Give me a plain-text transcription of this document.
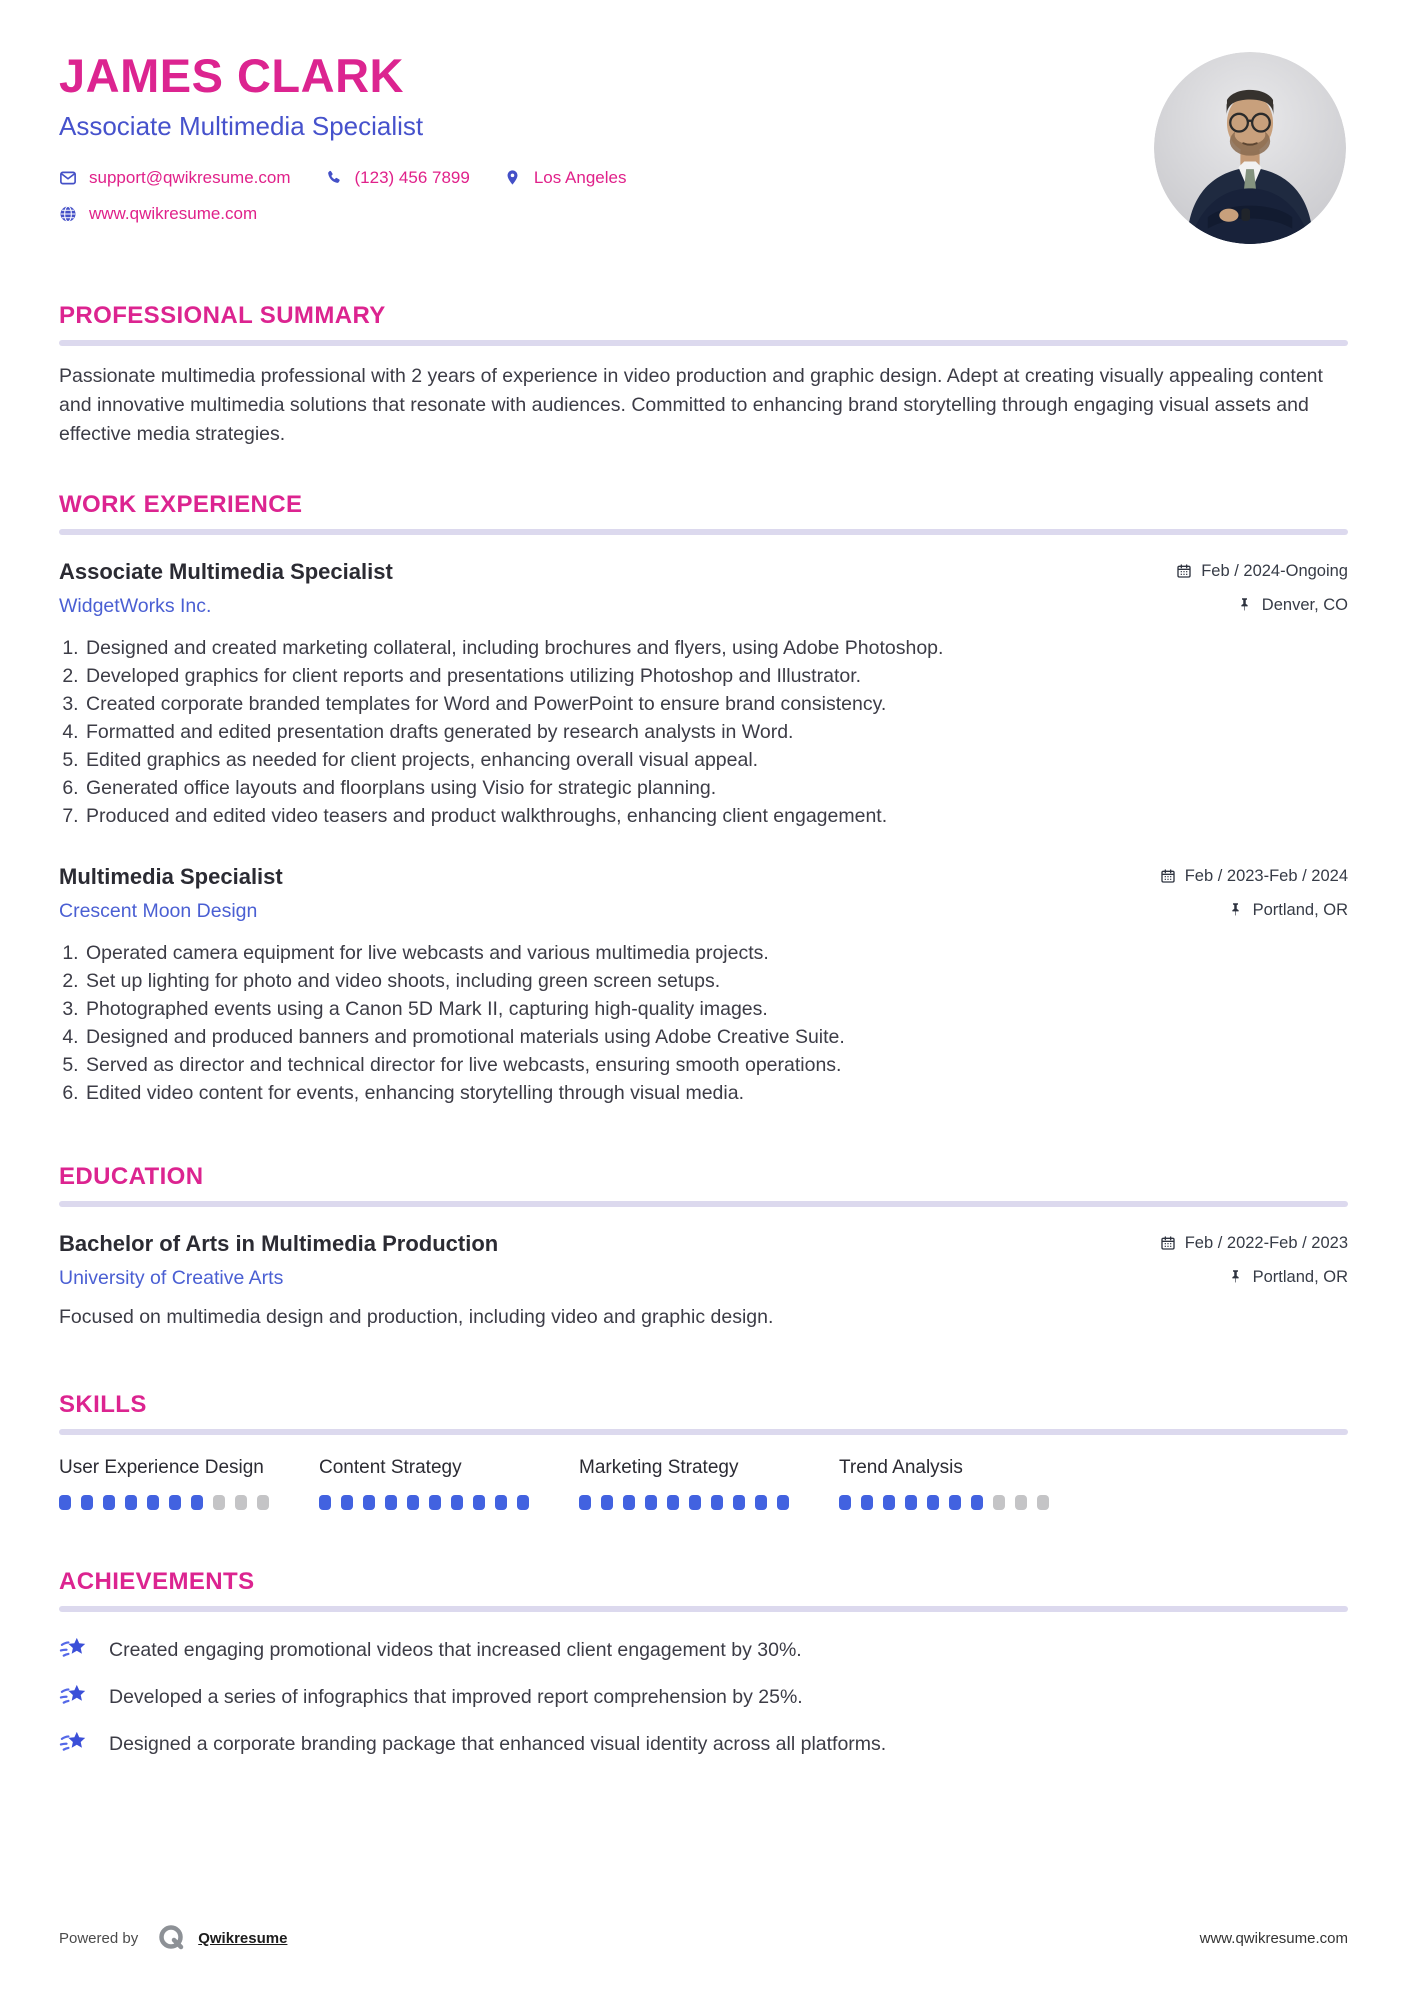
JAMES CLARK
Associate Multimedia Specialist
support@qwikresume.com	(123) 456 7899	Los Angeles
www.qwikresume.com
PROFESSIONAL SUMMARY

Passionate multimedia professional with 2 years of experience in video production and graphic design. Adept at creating visually appealing content and innovative multimedia solutions that resonate with audiences. Committed to enhancing brand storytelling through engaging visual assets and effective media strategies.

WORK EXPERIENCE
Associate Multimedia Specialist	Feb / 2024-Ongoing
WidgetWorks Inc.	Denver, CO
1. Designed and created marketing collateral, including brochures and flyers, using Adobe Photoshop.
2. Developed graphics for client reports and presentations utilizing Photoshop and Illustrator.
3. Created corporate branded templates for Word and PowerPoint to ensure brand consistency.
4. Formatted and edited presentation drafts generated by research analysts in Word.
5. Edited graphics as needed for client projects, enhancing overall visual appeal.
6. Generated office layouts and floorplans using Visio for strategic planning.
7. Produced and edited video teasers and product walkthroughs, enhancing client engagement.
Multimedia Specialist	Feb / 2023-Feb / 2024
Crescent Moon Design	Portland, OR
1. Operated camera equipment for live webcasts and various multimedia projects.
2. Set up lighting for photo and video shoots, including green screen setups.
3. Photographed events using a Canon 5D Mark II, capturing high-quality images.
4. Designed and produced banners and promotional materials using Adobe Creative Suite.
5. Served as director and technical director for live webcasts, ensuring smooth operations.
6. Edited video content for events, enhancing storytelling through visual media.
EDUCATION
Bachelor of Arts in Multimedia Production	Feb / 2022-Feb / 2023
University of Creative Arts	Portland, OR

Focused on multimedia design and production, including video and graphic design.

SKILLS
User Experience Design	Content Strategy	Marketing Strategy	Trend Analysis
ACHIEVEMENTS

Created engaging promotional videos that increased client engagement by 30%.

Developed a series of infographics that improved report comprehension by 25%.

Designed a corporate branding package that enhanced visual identity across all platforms.

Powered by	Qwikresume	www.qwikresume.com
